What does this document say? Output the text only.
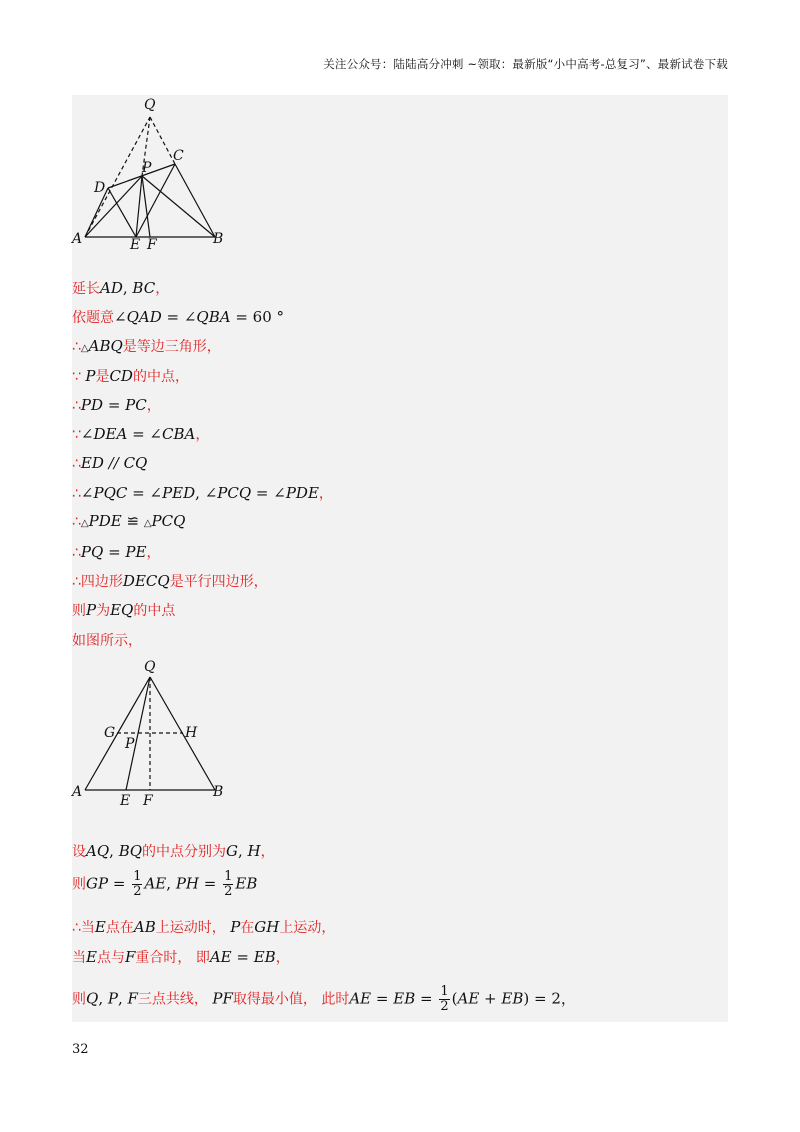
关注公众号：陆陆高分冲刺 ~领取：最新版“小中高考-总复习”、最新试卷下载
Q
P
C
D
A	E F	B
延长AD, BC，
依题意∠QAD = ∠QBA = 60 °
∴△ABQ是等边三角形，
∵ P是CD的中点，
∴PD = PC，
∵∠DEA = ∠CBA，
∴ED // CQ
∴∠PQC = ∠PED, ∠PCQ = ∠PDE，
∴△PDE ≌ △PCQ
∴PQ = PE，
∴四边形DECQ是平行四边形，
则P为EQ的中点
如图所示，
Q
G	H
P
A
E F
B
设AQ, BQ的中点分别为G, H，
则GP = $\frac{1}{2}$ AE, PH = $\frac{1}{2}$ EB
∴当E点在AB上运动时， P在GH上运动，
当E点与F重合时， 即AE = EB，
则Q, P, F三点共线， PF取得最小值， 此时AE = EB = $\frac{1}{2} (AE + EB) = 2$，
32
